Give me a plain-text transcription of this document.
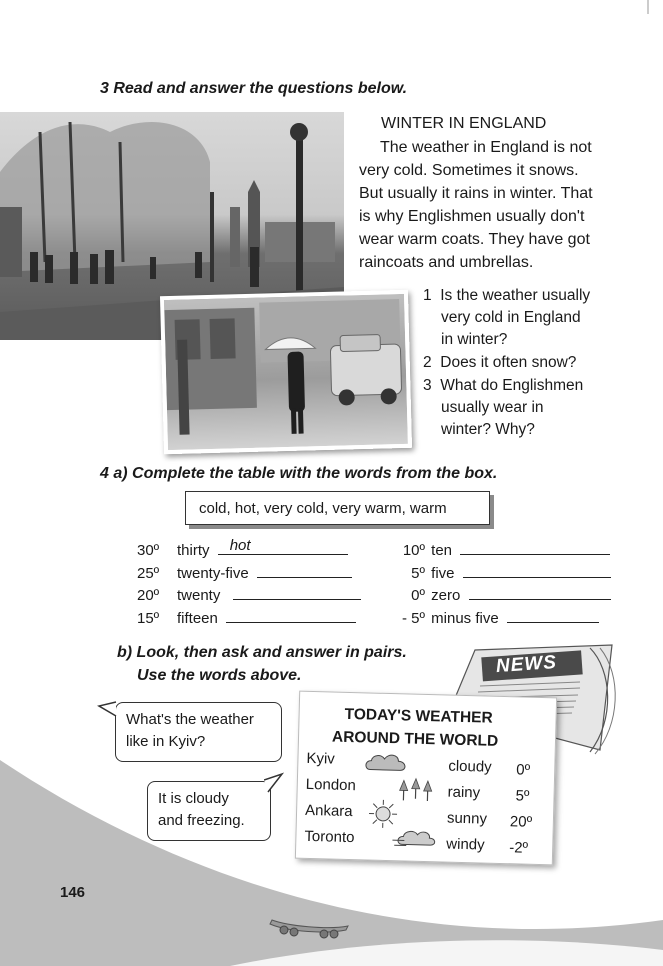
3 Read and answer the questions below.
WINTER IN ENGLAND
The weather in England is not
very cold. Sometimes it snows.
But usually it rains in winter. That
is why Englishmen usually don't
wear warm coats. They have got
raincoats and umbrellas.
1 Is the weather usually
very cold in England
in winter?
2 Does it often snow?
3 What do Englishmen
usually wear in
winter? Why?
4 a) Complete the table with the words from the box.
cold, hot, very cold, very warm, warm
30º thirty hot
25º twenty-five
20º twenty
15º fifteen
10º ten
5º five
0º zero
- 5º minus five
b) Look, then ask and answer in pairs.
Use the words above.	NEWS
What's the weather
like in Kyiv?
It is cloudy
and freezing.
TODAY'S WEATHER
AROUND THE WORLD
Kyiv
London
Ankara
Toronto
cloudy
rainy
sunny
windy
0º
5º
20º
-2º
146
